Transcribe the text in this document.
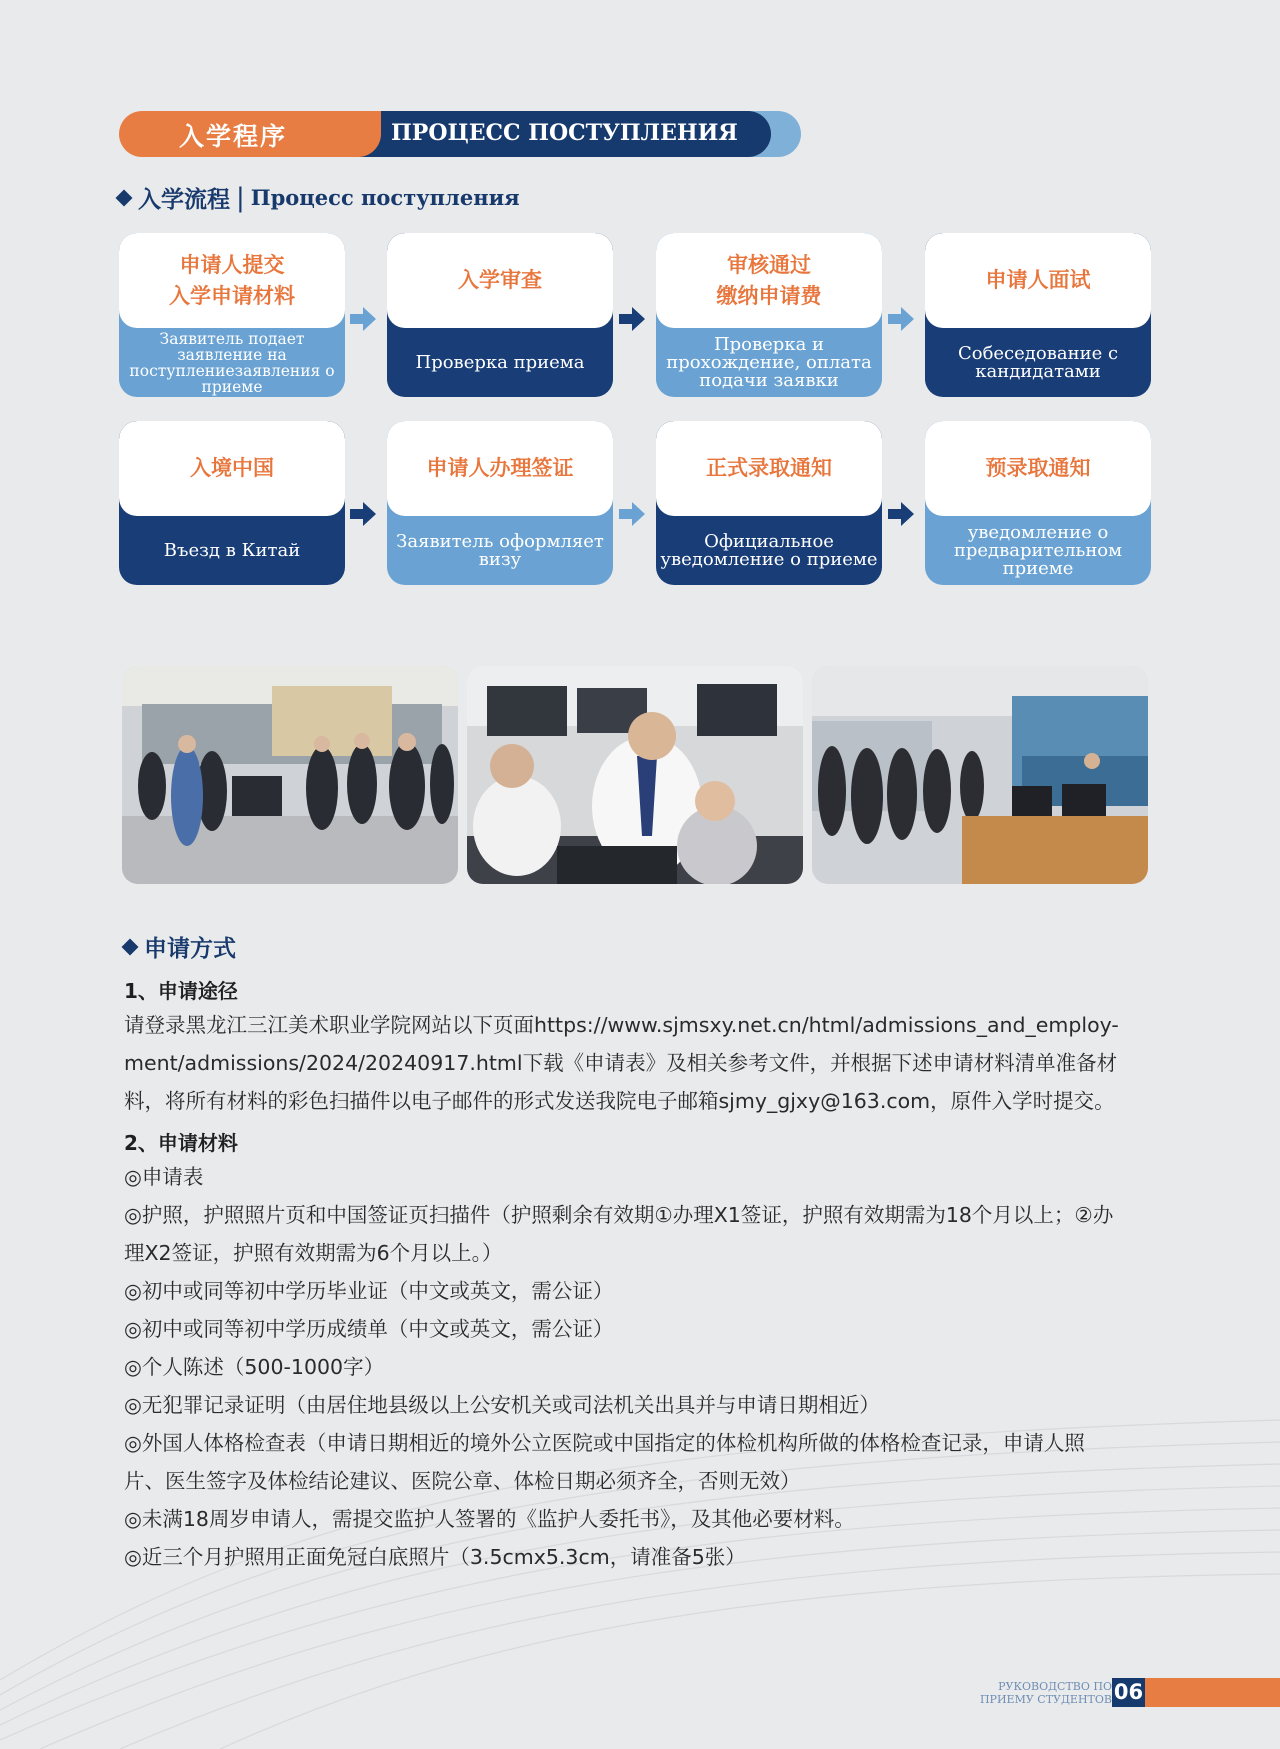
入学程序	ПРОЦЕСС ПОСТУПЛЕНИЯ
入学流程 | Процесс поступления
申请人提交
入学申请材料
Заявитель подает заявление на поступлениезаявления о приеме
入学审查
Проверка приема
审核通过
缴纳申请费
Проверка и прохождение, оплата подачи заявки
申请人面试
Собеседование с кандидатами
入境中国
Въезд в Китай
申请人办理签证
Заявитель оформляет визу
正式录取通知
Официальное уведомление о приеме
预录取通知
уведомление о предварительном приеме
申请方式
1、申请途径
请登录黑龙江三江美术职业学院网站以下页面https://www.sjmsxy.net.cn/html/admissions_and_employ-
ment/admissions/2024/20240917.html下载《申请表》及相关参考文件，并根据下述申请材料清单准备材
料，将所有材料的彩色扫描件以电子邮件的形式发送我院电子邮箱sjmy_gjxy@163.com，原件入学时提交。
2、申请材料
◎申请表
◎护照，护照照片页和中国签证页扫描件（护照剩余有效期①办理X1签证，护照有效期需为18个月以上；②办
理X2签证，护照有效期需为6个月以上。）
◎初中或同等初中学历毕业证（中文或英文，需公证）
◎初中或同等初中学历成绩单（中文或英文，需公证）
◎个人陈述（500-1000字）
◎无犯罪记录证明（由居住地县级以上公安机关或司法机关出具并与申请日期相近）
◎外国人体格检查表（申请日期相近的境外公立医院或中国指定的体检机构所做的体格检查记录，申请人照
片、医生签字及体检结论建议、医院公章、体检日期必须齐全，否则无效）
◎未满18周岁申请人，需提交监护人签署的《监护人委托书》，及其他必要材料。
◎近三个月护照用正面免冠白底照片（3.5cmx5.3cm，请准备5张）
РУКОВОДСТВО ПО
ПРИЕМУ СТУДЕНТОВ 06
